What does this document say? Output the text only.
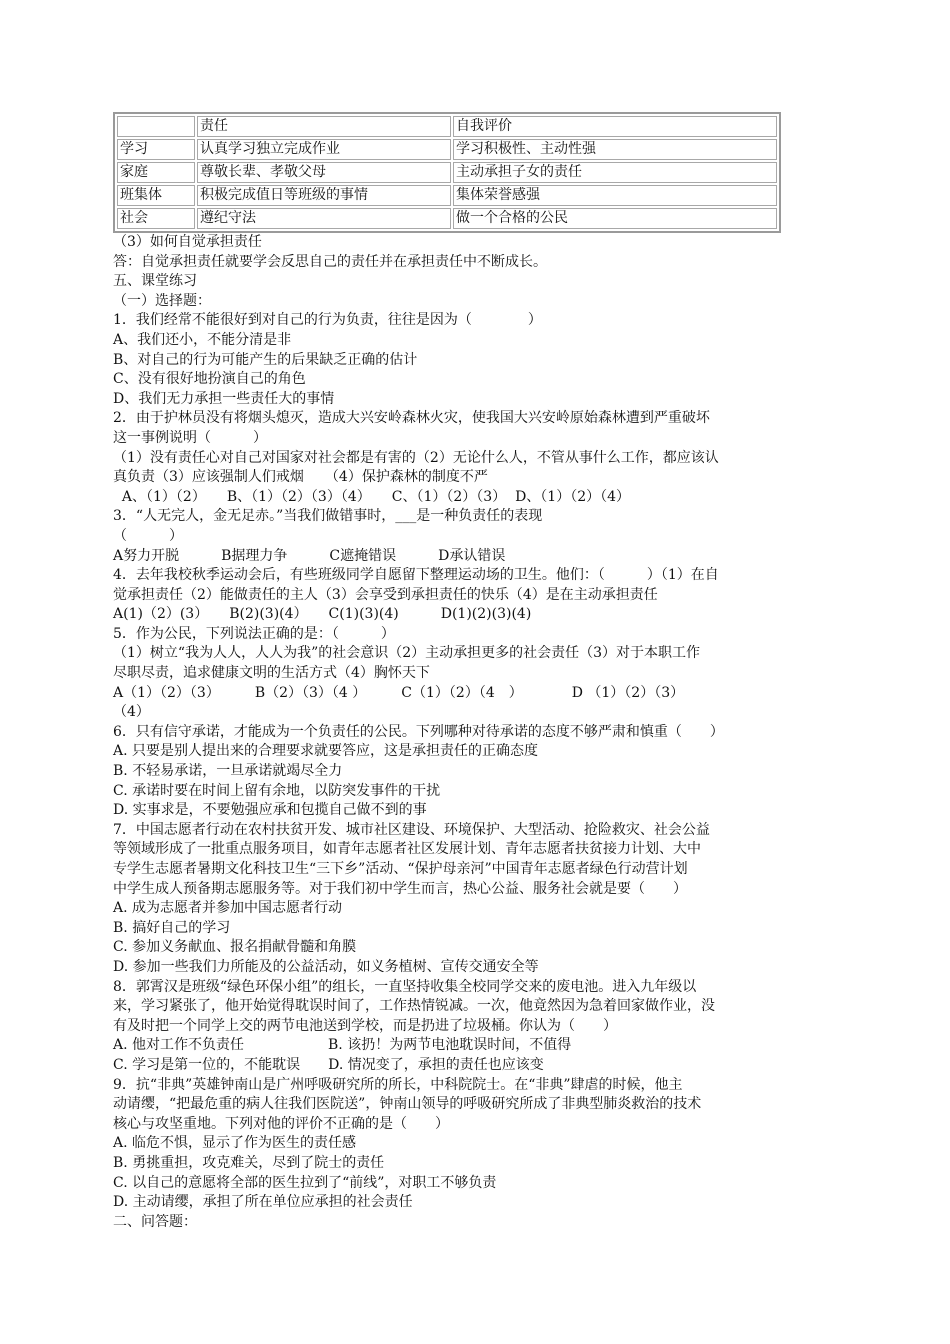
	责任	自我评价
学习	认真学习独立完成作业	学习积极性、主动性强
家庭	尊敬长辈、孝敬父母	主动承担子女的责任
班集体	积极完成值日等班级的事情	集体荣誉感强
社会	遵纪守法	做一个合格的公民
（3）如何自觉承担责任
答：自觉承担责任就要学会反思自己的责任并在承担责任中不断成长。
五、课堂练习
（一）选择题：
1．我们经常不能很好到对自己的行为负责，往往是因为（　　　　）
A、我们还小，不能分清是非
B、对自己的行为可能产生的后果缺乏正确的估计
C、没有很好地扮演自己的角色
D、我们无力承担一些责任大的事情
2．由于护林员没有将烟头熄灭，造成大兴安岭森林火灾，使我国大兴安岭原始森林遭到严重破坏
这一事例说明（　　　）
（1）没有责任心对自己对国家对社会都是有害的（2）无论什么人，不管从事什么工作，都应该认
真负责（3）应该强制人们戒烟　　（4）保护森林的制度不严
A、（1）（2）　　B、（1）（2）（3）（4）　　C、（1）（2）（3）  D、（1）（2）（4）
3．“人无完人，金无足赤。”当我们做错事时，___是一种负责任的表现
（　　　）
A努力开脱　　　B据理力争　　　C遮掩错误　　　D承认错误
4．去年我校秋季运动会后，有些班级同学自愿留下整理运动场的卫生。他们：（　　　）（1）在自
觉承担责任（2）能做责任的主人（3）会享受到承担责任的快乐（4）是在主动承担责任
A(1)（2）(3）　　B(2)(3)(4）　　C(1)(3)(4)　　　D(1)(2)(3)(4)
5．作为公民，下列说法正确的是：（　　　）
（1）树立“我为人人，人人为我”的社会意识（2）主动承担更多的社会责任（3）对于本职工作
尽职尽责，追求健康文明的生活方式（4）胸怀天下
A（1）（2）（3）　　　B（2）（3）（4 ）　　　C（1）（2）（4　）　　　　D （1）（2）（3）
（4）
6．只有信守承诺，才能成为一个负责任的公民。下列哪种对待承诺的态度不够严肃和慎重（　　）
A. 只要是别人提出来的合理要求就要答应，这是承担责任的正确态度
B. 不轻易承诺，一旦承诺就竭尽全力
C. 承诺时要在时间上留有余地，以防突发事件的干扰
D. 实事求是，不要勉强应承和包揽自己做不到的事
7．中国志愿者行动在农村扶贫开发、城市社区建设、环境保护、大型活动、抢险救灾、社会公益
等领域形成了一批重点服务项目，如青年志愿者社区发展计划、青年志愿者扶贫接力计划、大中
专学生志愿者暑期文化科技卫生“三下乡”活动、“保护母亲河”中国青年志愿者绿色行动营计划
中学生成人预备期志愿服务等。对于我们初中学生而言，热心公益、服务社会就是要（　　）
A. 成为志愿者并参加中国志愿者行动
B. 搞好自己的学习
C. 参加义务献血、报名捐献骨髓和角膜
D. 参加一些我们力所能及的公益活动，如义务植树、宣传交通安全等
8．郭霄汉是班级“绿色环保小组”的组长，一直坚持收集全校同学交来的废电池。进入九年级以
来，学习紧张了，他开始觉得耽误时间了，工作热情锐减。一次，他竟然因为急着回家做作业，没
有及时把一个同学上交的两节电池送到学校，而是扔进了垃圾桶。你认为（　　）
A. 他对工作不负责任　　　　　　B. 该扔！为两节电池耽误时间，不值得
C. 学习是第一位的，不能耽误　　D. 情况变了，承担的责任也应该变
9．抗“非典”英雄钟南山是广州呼吸研究所的所长，中科院院士。在“非典”肆虐的时候，他主
动请缨，“把最危重的病人往我们医院送”，钟南山领导的呼吸研究所成了非典型肺炎救治的技术
核心与攻坚重地。下列对他的评价不正确的是（　　）
A. 临危不惧，显示了作为医生的责任感
B. 勇挑重担，攻克难关，尽到了院士的责任
C. 以自己的意愿将全部的医生拉到了“前线”，对职工不够负责
D. 主动请缨，承担了所在单位应承担的社会责任
二、问答题：
